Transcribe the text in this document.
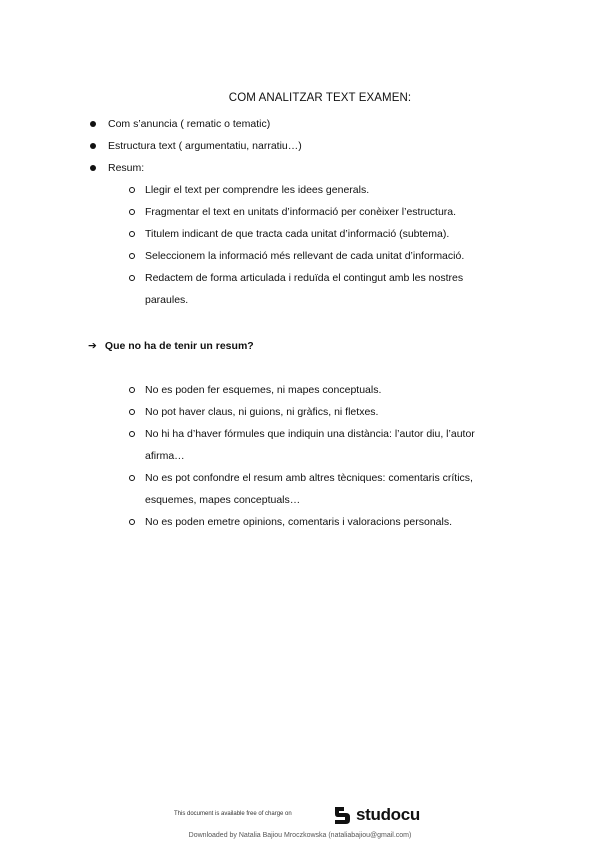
COM ANALITZAR TEXT EXAMEN:
Com s’anuncia ( rematic o tematic)
Estructura text ( argumentatiu, narratiu…)
Resum:
Llegir el text per comprendre les idees generals.
Fragmentar el text en unitats d’informació per conèixer l’estructura.
Titulem indicant de que tracta cada unitat d’informació (subtema).
Seleccionem la informació més rellevant de cada unitat d’informació.
Redactem de forma articulada i reduïda el contingut amb les nostres paraules.
➔ Que no ha de tenir un resum?
No es poden fer esquemes, ni mapes conceptuals.
No pot haver claus, ni guions, ni gràfics, ni fletxes.
No hi ha d’haver fórmules que indiquin una distància: l’autor diu, l’autor afirma…
No es pot confondre el resum amb altres tècniques: comentaris crítics, esquemes, mapes conceptuals…
No es poden emetre opinions, comentaris i valoracions personals.
This document is available free of charge on	studocu
Downloaded by Natalia Bajiou Mroczkowska (nataliabajiou@gmail.com)
